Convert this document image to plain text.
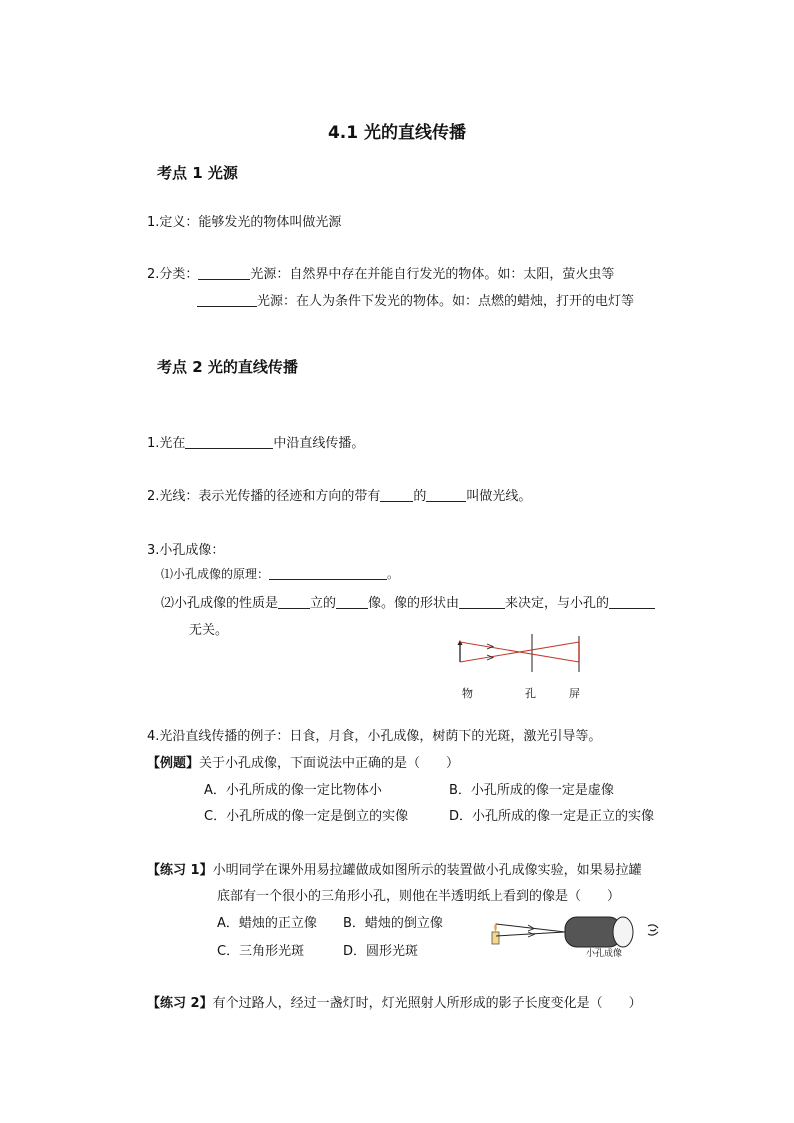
4.1 光的直线传播
考点 1 光源
1.定义：能够发光的物体叫做光源
2.分类：	光源：自然界中存在并能自行发光的物体。如：太阳，萤火虫等
光源：在人为条件下发光的物体。如：点燃的蜡烛，打开的电灯等
考点 2 光的直线传播
1.光在	中沿直线传播。
2.光线：表示光传播的径迹和方向的带有	的	叫做光线。
3.小孔成像：
⑴小孔成像的原理：	。
⑵小孔成像的性质是 立的 像。像的形状由	来决定，与小孔的
无关。
物	孔	屏
4.光沿直线传播的例子：日食，月食，小孔成像，树荫下的光斑，激光引导等。
【例题】关于小孔成像，下面说法中正确的是（　　）
A．小孔所成的像一定比物体小	B．小孔所成的像一定是虚像
C．小孔所成的像一定是倒立的实像	D．小孔所成的像一定是正立的实像
【练习 1】小明同学在课外用易拉罐做成如图所示的装置做小孔成像实验，如果易拉罐
底部有一个很小的三角形小孔，则他在半透明纸上看到的像是（　　）
A．蜡烛的正立像 B．蜡烛的倒立像
C．三角形光斑	D．圆形光斑	小孔成像
【练习 2】有个过路人，经过一盏灯时，灯光照射人所形成的影子长度变化是（　　）
